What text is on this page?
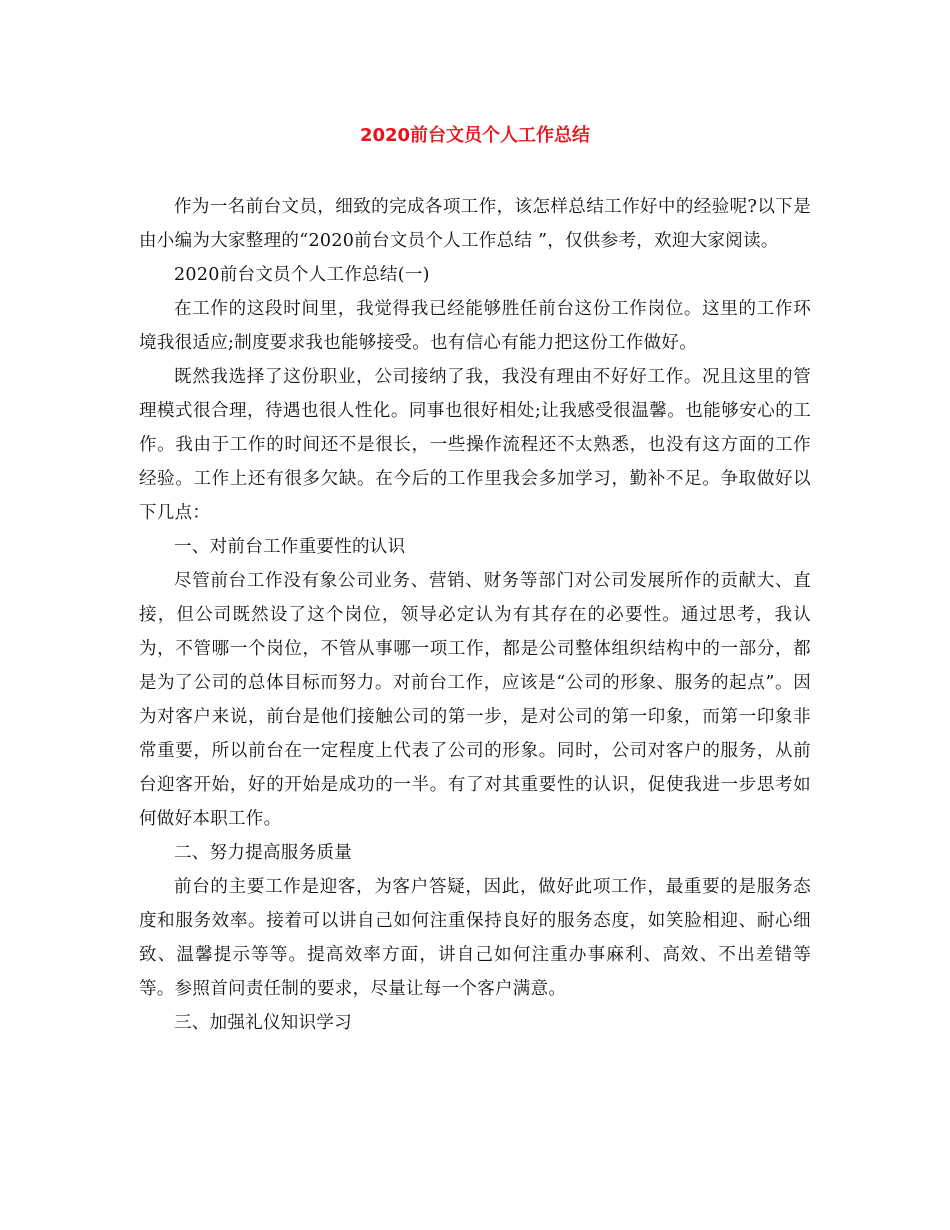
2020前台文员个人工作总结

作为一名前台文员，细致的完成各项工作，该怎样总结工作好中的经验呢?以下是由小编为大家整理的“2020前台文员个人工作总结 ”，仅供参考，欢迎大家阅读。

2020前台文员个人工作总结(一)

在工作的这段时间里，我觉得我已经能够胜任前台这份工作岗位。这里的工作环境我很适应;制度要求我也能够接受。也有信心有能力把这份工作做好。

既然我选择了这份职业，公司接纳了我，我没有理由不好好工作。况且这里的管理模式很合理，待遇也很人性化。同事也很好相处;让我感受很温馨。也能够安心的工作。我由于工作的时间还不是很长，一些操作流程还不太熟悉，也没有这方面的工作经验。工作上还有很多欠缺。在今后的工作里我会多加学习，勤补不足。争取做好以下几点：

一、对前台工作重要性的认识

尽管前台工作没有象公司业务、营销、财务等部门对公司发展所作的贡献大、直接，但公司既然设了这个岗位，领导必定认为有其存在的必要性。通过思考，我认为，不管哪一个岗位，不管从事哪一项工作，都是公司整体组织结构中的一部分，都是为了公司的总体目标而努力。对前台工作，应该是“公司的形象、服务的起点”。因为对客户来说，前台是他们接触公司的第一步，是对公司的第一印象，而第一印象非常重要，所以前台在一定程度上代表了公司的形象。同时，公司对客户的服务，从前台迎客开始，好的开始是成功的一半。有了对其重要性的认识，促使我进一步思考如何做好本职工作。

二、努力提高服务质量

前台的主要工作是迎客，为客户答疑，因此，做好此项工作，最重要的是服务态度和服务效率。接着可以讲自己如何注重保持良好的服务态度，如笑脸相迎、耐心细致、温馨提示等等。提高效率方面，讲自己如何注重办事麻利、高效、不出差错等等。参照首问责任制的要求，尽量让每一个客户满意。

三、加强礼仪知识学习
